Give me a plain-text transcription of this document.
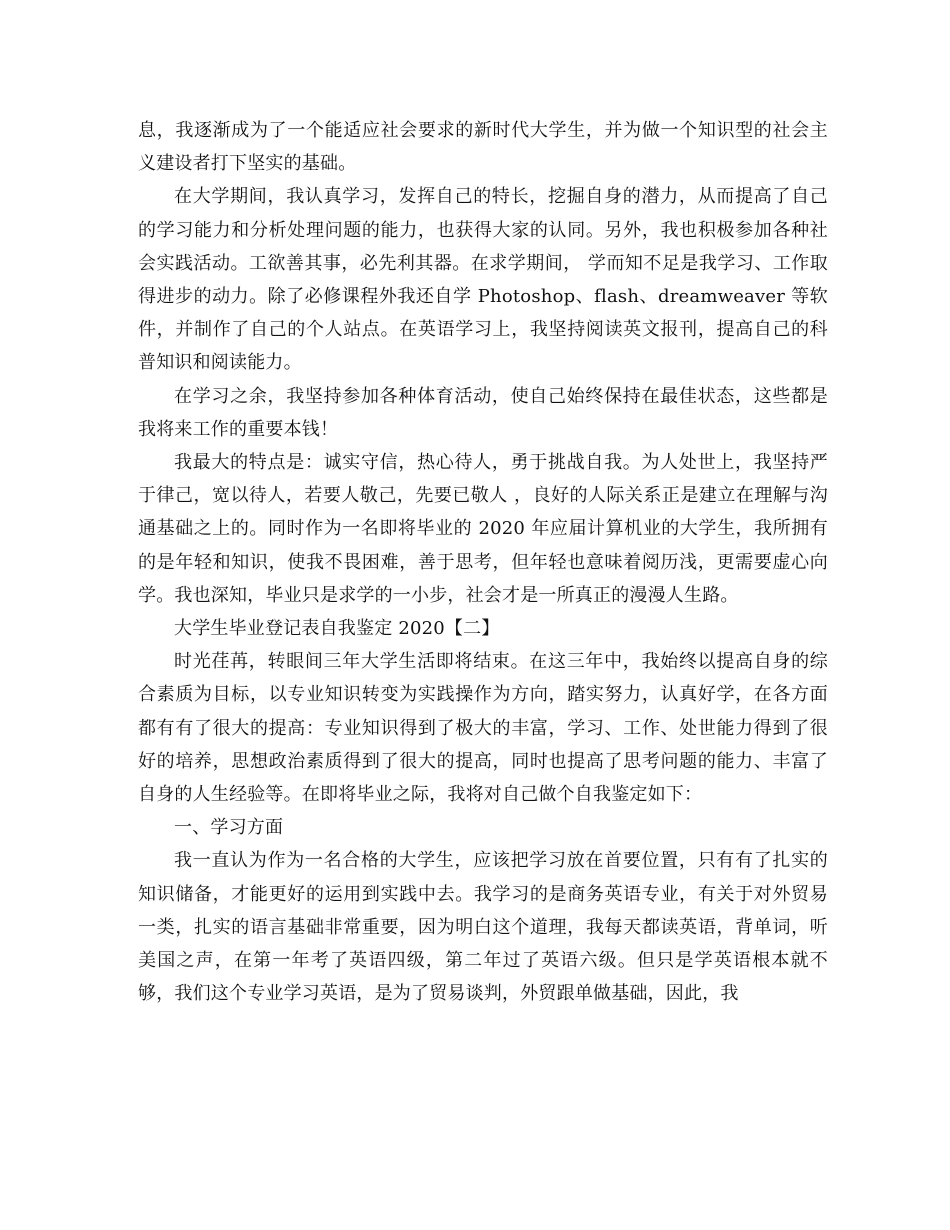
息，我逐渐成为了一个能适应社会要求的新时代大学生，并为做一个知识型的社会主义建设者打下坚实的基础。

在大学期间，我认真学习，发挥自己的特长，挖掘自身的潜力，从而提高了自己的学习能力和分析处理问题的能力，也获得大家的认同。另外，我也积极参加各种社会实践活动。工欲善其事，必先利其器。在求学期间， 学而知不足是我学习、工作取得进步的动力。除了必修课程外我还自学 Photoshop、flash、dreamweaver 等软件，并制作了自己的个人站点。在英语学习上，我坚持阅读英文报刊，提高自己的科普知识和阅读能力。

在学习之余，我坚持参加各种体育活动，使自己始终保持在最佳状态，这些都是我将来工作的重要本钱！

我最大的特点是：诚实守信，热心待人，勇于挑战自我。为人处世上，我坚持严于律己，宽以待人，若要人敬己，先要已敬人 ，良好的人际关系正是建立在理解与沟通基础之上的。同时作为一名即将毕业的 2020 年应届计算机业的大学生，我所拥有的是年轻和知识，使我不畏困难，善于思考，但年轻也意味着阅历浅，更需要虚心向学。我也深知，毕业只是求学的一小步，社会才是一所真正的漫漫人生路。

大学生毕业登记表自我鉴定 2020【二】

时光荏苒，转眼间三年大学生活即将结束。在这三年中，我始终以提高自身的综合素质为目标，以专业知识转变为实践操作为方向，踏实努力，认真好学，在各方面都有有了很大的提高：专业知识得到了极大的丰富，学习、工作、处世能力得到了很好的培养，思想政治素质得到了很大的提高，同时也提高了思考问题的能力、丰富了自身的人生经验等。在即将毕业之际，我将对自己做个自我鉴定如下：

一、学习方面

我一直认为作为一名合格的大学生，应该把学习放在首要位置，只有有了扎实的知识储备，才能更好的运用到实践中去。我学习的是商务英语专业，有关于对外贸易一类，扎实的语言基础非常重要，因为明白这个道理，我每天都读英语，背单词，听美国之声，在第一年考了英语四级，第二年过了英语六级。但只是学英语根本就不够，我们这个专业学习英语，是为了贸易谈判，外贸跟单做基础，因此，我
